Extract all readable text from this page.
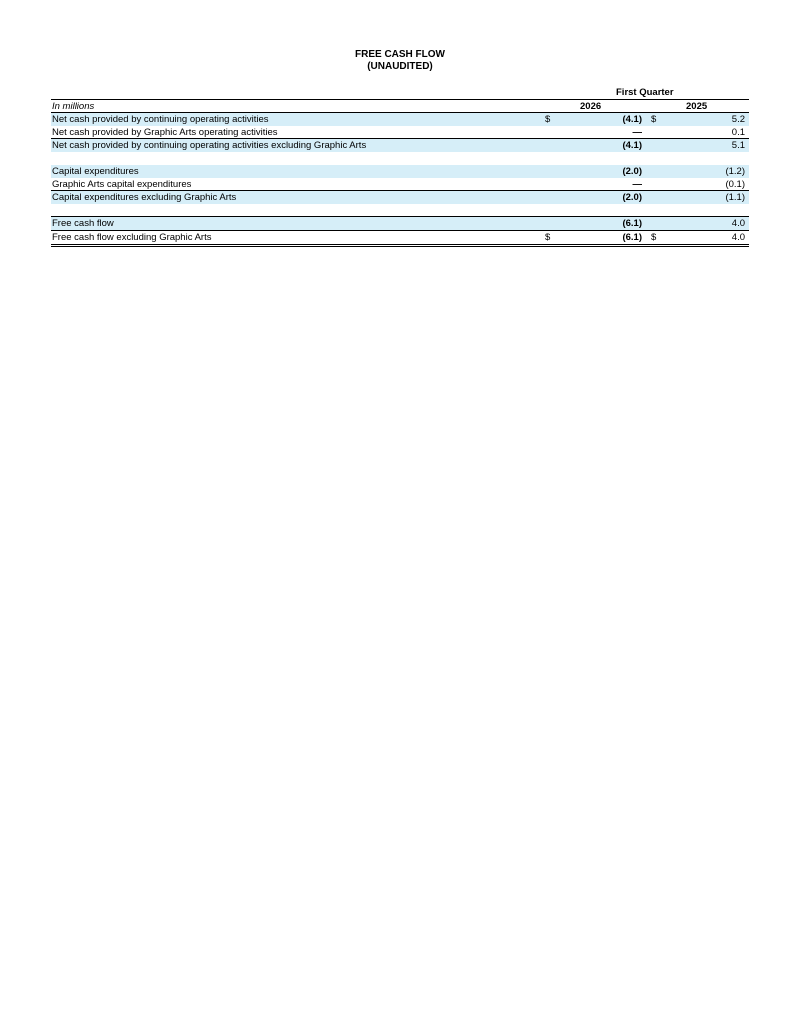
FREE CASH FLOW
(UNAUDITED)
First Quarter
In millions	2026	2025
Net cash provided by continuing operating activities	$	(4.1) $	5.2
Net cash provided by Graphic Arts operating activities	—	0.1
Net cash provided by continuing operating activities excluding Graphic Arts	(4.1)	5.1
Capital expenditures	(2.0)	(1.2)
Graphic Arts capital expenditures	—	(0.1)
Capital expenditures excluding Graphic Arts	(2.0)	(1.1)
Free cash flow	(6.1)	4.0
Free cash flow excluding Graphic Arts	$	(6.1) $	4.0
